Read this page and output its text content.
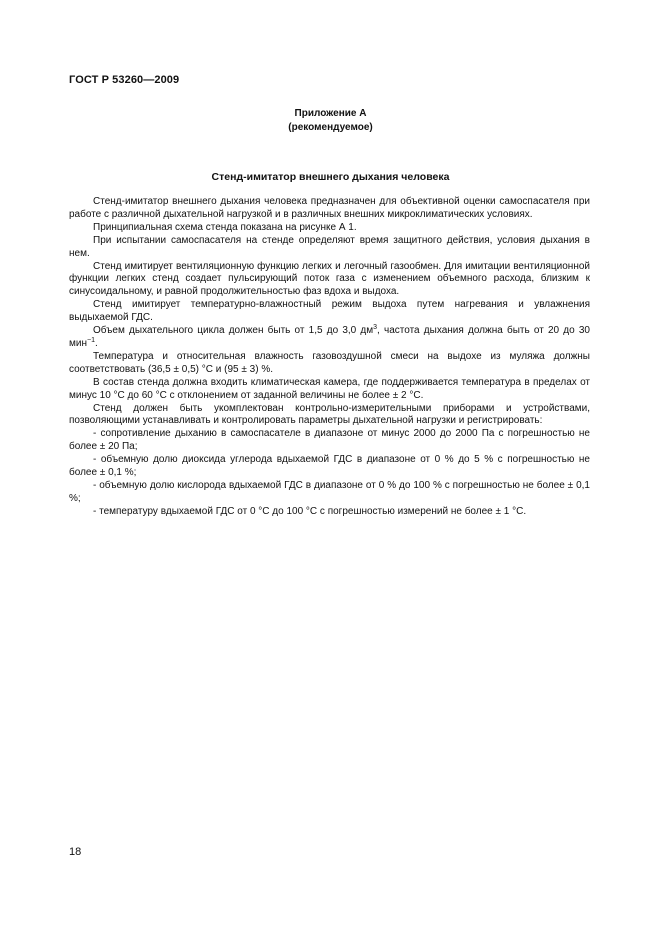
ГОСТ Р 53260—2009
Приложение А
(рекомендуемое)
Стенд-имитатор внешнего дыхания человека

Стенд-имитатор внешнего дыхания человека предназначен для объективной оценки самоспасателя при работе с различной дыхательной нагрузкой и в различных внешних микроклиматических условиях.

Принципиальная схема стенда показана на рисунке А 1.

При испытании самоспасателя на стенде определяют время защитного действия, условия дыхания в нем.

Стенд имитирует вентиляционную функцию легких и легочный газообмен. Для имитации вентиляционной функции легких стенд создает пульсирующий поток газа с изменением объемного расхода, близким к синусоидальному, и равной продолжительностью фаз вдоха и выдоха.

Стенд имитирует температурно-влажностный режим выдоха путем нагревания и увлажнения выдыхаемой ГДС.

Объем дыхательного цикла должен быть от 1,5 до 3,0 $дм^3$, частота дыхания должна быть от 20 до 30 мин$^{-1}$.

Температура и относительная влажность газовоздушной смеси на выдохе из муляжа должны соответствовать (36,5 ± 0,5) °С и (95 ± 3) %.

В состав стенда должна входить климатическая камера, где поддерживается температура в пределах от минус 10 °С до 60 °С с отклонением от заданной величины не более ± 2 °С.

Стенд должен быть укомплектован контрольно-измерительными приборами и устройствами, позволяющими устанавливать и контролировать параметры дыхательной нагрузки и регистрировать:

- сопротивление дыханию в самоспасателе в диапазоне от минус 2000 до 2000 Па с погрешностью не более ± 20 Па;

- объемную долю диоксида углерода вдыхаемой ГДС в диапазоне от 0 % до 5 % с погрешностью не более ± 0,1 %;

- объемную долю кислорода вдыхаемой ГДС в диапазоне от 0 % до 100 % с погрешностью не более ± 0,1 %;

- температуру вдыхаемой ГДС от 0 °С до 100 °С с погрешностью измерений не более ± 1 °С.

18
